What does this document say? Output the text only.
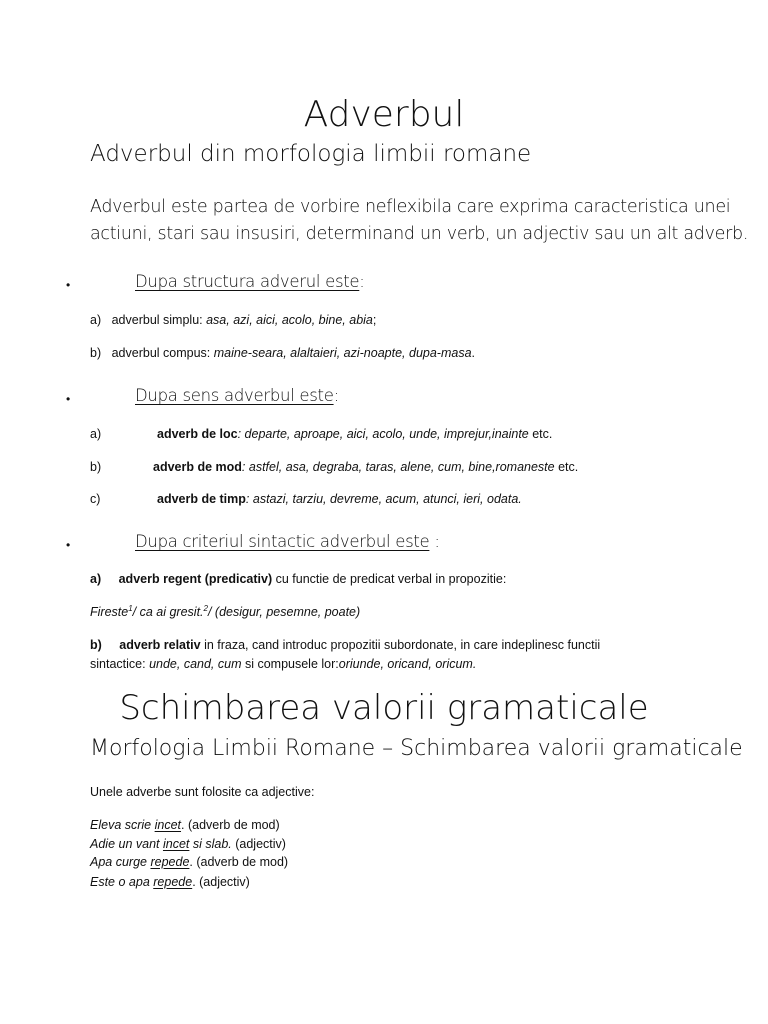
Adverbul
Adverbul din morfologia limbii romane
Adverbul este partea de vorbire neflexibila care exprima caracteristica unei
actiuni, stari sau insusiri, determinand un verb, un adjectiv sau un alt adverb.
•	Dupa structura adverul este:
a) adverbul simplu: asa, azi, aici, acolo, bine, abia;
b) adverbul compus: maine-seara, alaltaieri, azi-noapte, dupa-masa.
•	Dupa sens adverbul este:
a)	adverb de loc: departe, aproape, aici, acolo, unde, imprejur,inainte etc.
b)	adverb de mod: astfel, asa, degraba, taras, alene, cum, bine,romaneste etc.
c)	adverb de timp: astazi, tarziu, devreme, acum, atunci, ieri, odata.
•	Dupa criteriul sintactic adverbul este :
a) adverb regent (predicativ) cu functie de predicat verbal in propozitie:
Fireste$^1$/ ca ai gresit.$^2$/ (desigur, pesemne, poate)
b) adverb relativ in fraza, cand introduc propozitii subordonate, in care indeplinesc functii
sintactice: unde, cand, cum si compusele lor:oriunde, oricand, oricum.
Schimbarea valorii gramaticale
Morfologia Limbii Romane – Schimbarea valorii gramaticale
Unele adverbe sunt folosite ca adjective:
Eleva scrie incet. (adverb de mod)
Adie un vant incet si slab. (adjectiv)
Apa curge repede. (adverb de mod)
Este o apa repede. (adjectiv)
